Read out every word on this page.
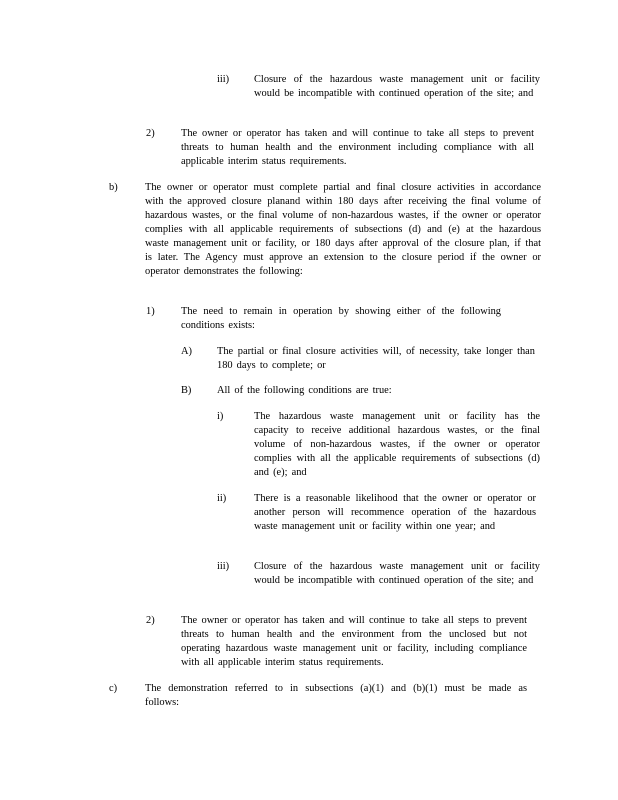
iii) Closure of the hazardous waste management unit or facility would be incompatible with continued operation of the site; and
2)	The owner or operator has taken and will continue to take all steps to prevent threats to human health and the environment including compliance with all applicable interim status requirements.
b)	The owner or operator must complete partial and final closure activities in accordance with the approved closure planand within 180 days after receiving the final volume of hazardous wastes, or the final volume of non-hazardous wastes, if the owner or operator complies with all applicable requirements of subsections (d) and (e) at the hazardous waste management unit or facility, or 180 days after approval of the closure plan, if that is later. The Agency must approve an extension to the closure period if the owner or operator demonstrates the following:
1)	The need to remain in operation by showing either of the following conditions exists:
A) The partial or final closure activities will, of necessity, take longer than 180 days to complete; or
B) All of the following conditions are true:
i)	The hazardous waste management unit or facility has the capacity to receive additional hazardous wastes, or the final volume of non-hazardous wastes, if the owner or operator complies with all the applicable requirements of subsections (d) and (e); and
ii)	There is a reasonable likelihood that the owner or operator or another person will recommence operation of the hazardous waste management unit or facility within one year; and
iii) Closure of the hazardous waste management unit or facility would be incompatible with continued operation of the site; and
2)	The owner or operator has taken and will continue to take all steps to prevent threats to human health and the environment from the unclosed but not operating hazardous waste management unit or facility, including compliance with all applicable interim status requirements.
c)	The demonstration referred to in subsections (a)(1) and (b)(1) must be made as follows:
